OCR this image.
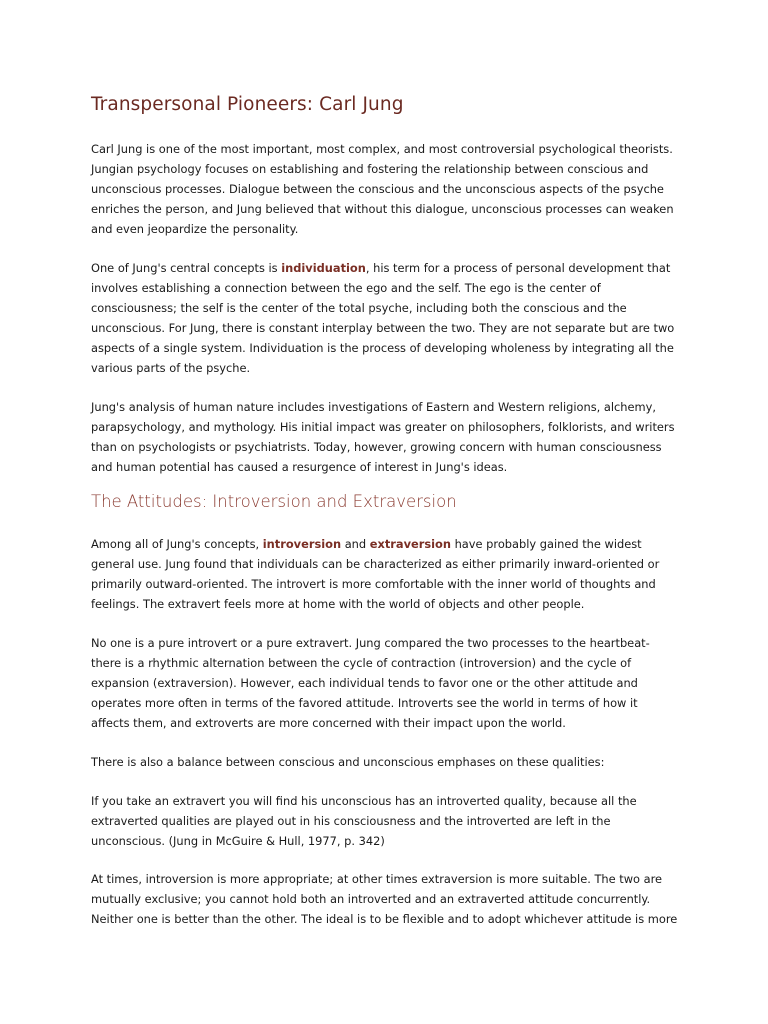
Transpersonal Pioneers: Carl Jung
Carl Jung is one of the most important, most complex, and most controversial psychological theorists.
Jungian psychology focuses on establishing and fostering the relationship between conscious and
unconscious processes. Dialogue between the conscious and the unconscious aspects of the psyche
enriches the person, and Jung believed that without this dialogue, unconscious processes can weaken
and even jeopardize the personality.
One of Jung's central concepts is individuation, his term for a process of personal development that
involves establishing a connection between the ego and the self. The ego is the center of
consciousness; the self is the center of the total psyche, including both the conscious and the
unconscious. For Jung, there is constant interplay between the two. They are not separate but are two
aspects of a single system. Individuation is the process of developing wholeness by integrating all the
various parts of the psyche.
Jung's analysis of human nature includes investigations of Eastern and Western religions, alchemy,
parapsychology, and mythology. His initial impact was greater on philosophers, folklorists, and writers
than on psychologists or psychiatrists. Today, however, growing concern with human consciousness
and human potential has caused a resurgence of interest in Jung's ideas.
The Attitudes: Introversion and Extraversion
Among all of Jung's concepts, introversion and extraversion have probably gained the widest
general use. Jung found that individuals can be characterized as either primarily inward-oriented or
primarily outward-oriented. The introvert is more comfortable with the inner world of thoughts and
feelings. The extravert feels more at home with the world of objects and other people.
No one is a pure introvert or a pure extravert. Jung compared the two processes to the heartbeat-
there is a rhythmic alternation between the cycle of contraction (introversion) and the cycle of
expansion (extraversion). However, each individual tends to favor one or the other attitude and
operates more often in terms of the favored attitude. Introverts see the world in terms of how it
affects them, and extroverts are more concerned with their impact upon the world.
There is also a balance between conscious and unconscious emphases on these qualities:
If you take an extravert you will find his unconscious has an introverted quality, because all the
extraverted qualities are played out in his consciousness and the introverted are left in the
unconscious. (Jung in McGuire & Hull, 1977, p. 342)
At times, introversion is more appropriate; at other times extraversion is more suitable. The two are
mutually exclusive; you cannot hold both an introverted and an extraverted attitude concurrently.
Neither one is better than the other. The ideal is to be flexible and to adopt whichever attitude is more
